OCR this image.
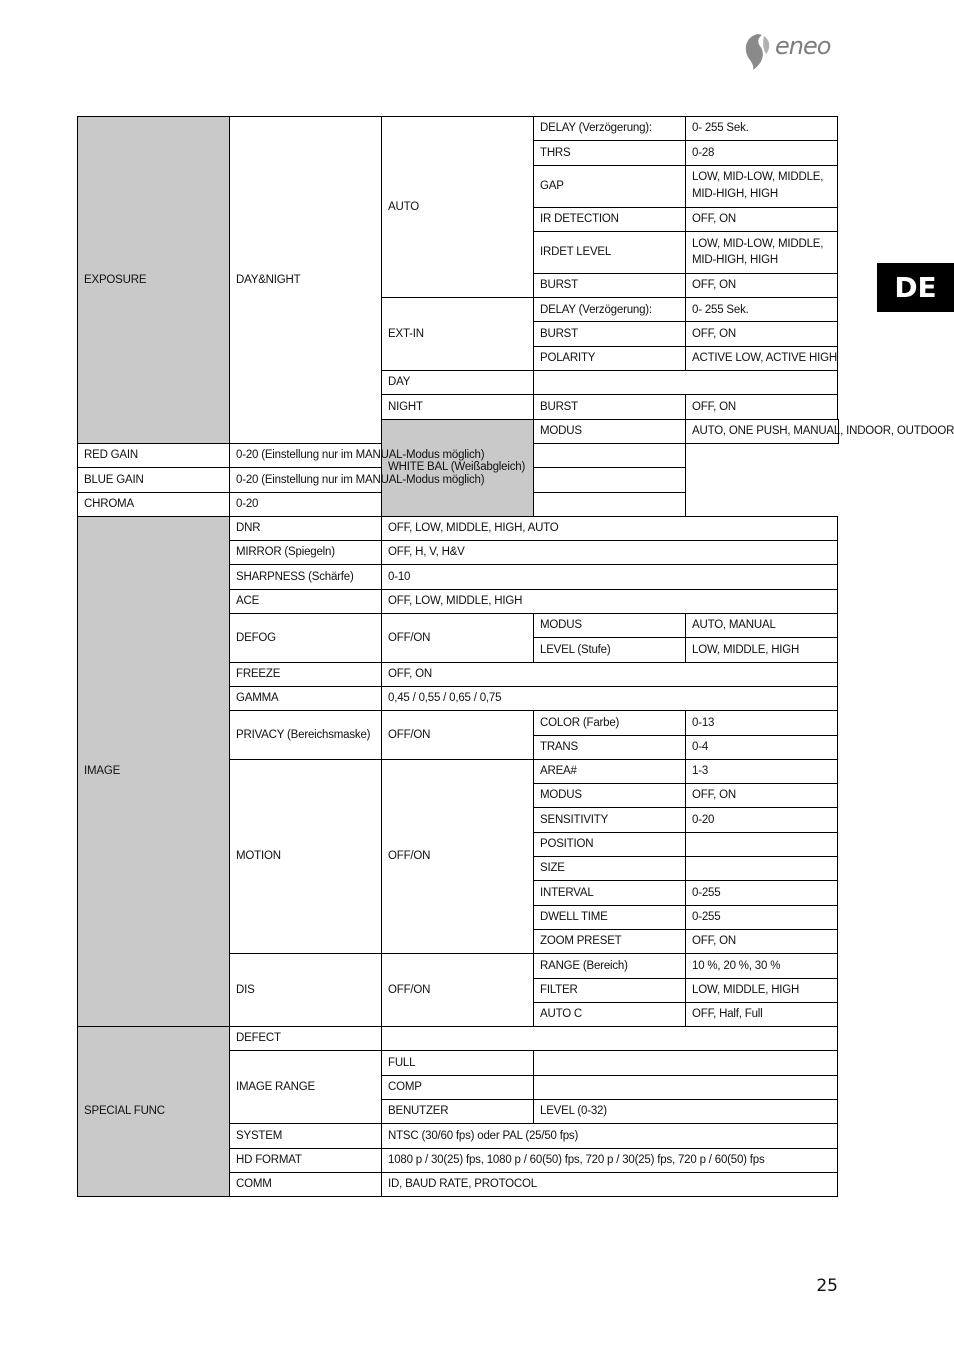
eneo
DE
EXPOSURE	DAY&NIGHT	AUTO	DELAY (Verzögerung):	0- 255 Sek.
			THRS	0-28
			GAP	LOW, MID-LOW, MIDDLE, MID-HIGH, HIGH
			IR DETECTION	OFF, ON
			IRDET LEVEL	LOW, MID-LOW, MIDDLE, MID-HIGH, HIGH
			BURST	OFF, ON
		EXT-IN	DELAY (Verzögerung):	0- 255 Sek.
			BURST	OFF, ON
			POLARITY	ACTIVE LOW, ACTIVE HIGH
		DAY		
		NIGHT	BURST	OFF, ON
		WHITE BAL (Weißabgleich)	MODUS	AUTO, ONE PUSH, MANUAL, INDOOR, OUTDOOR
RED GAIN	0-20 (Einstellung nur im MANUAL-Modus möglich)			
BLUE GAIN	0-20 (Einstellung nur im MANUAL-Modus möglich)			
CHROMA	0-20			
IMAGE	DNR	OFF, LOW, MIDDLE, HIGH, AUTO		
	MIRROR (Spiegeln)	OFF, H, V, H&V		
	SHARPNESS (Schärfe)	0-10		
	ACE	OFF, LOW, MIDDLE, HIGH		
	DEFOG	OFF/ON	MODUS	AUTO, MANUAL
			LEVEL (Stufe)	LOW, MIDDLE, HIGH
	FREEZE	OFF, ON		
	GAMMA	0,45 / 0,55 / 0,65 / 0,75		
	PRIVACY (Bereichsmaske)	OFF/ON	COLOR (Farbe)	0-13
			TRANS	0-4
	MOTION	OFF/ON	AREA#	1-3
			MODUS	OFF, ON
			SENSITIVITY	0-20
			POSITION	
			SIZE	
			INTERVAL	0-255
			DWELL TIME	0-255
			ZOOM PRESET	OFF, ON
	DIS	OFF/ON	RANGE (Bereich)	10 %, 20 %, 30 %
			FILTER	LOW, MIDDLE, HIGH
			AUTO C	OFF, Half, Full
SPECIAL FUNC	DEFECT			
	IMAGE RANGE	FULL		
		COMP		
		BENUTZER	LEVEL (0-32)	
	SYSTEM	NTSC (30/60 fps) oder PAL (25/50 fps)		
	HD FORMAT	1080 p / 30(25) fps, 1080 p / 60(50) fps, 720 p / 30(25) fps, 720 p / 60(50) fps		
	COMM	ID, BAUD RATE, PROTOCOL		
25
